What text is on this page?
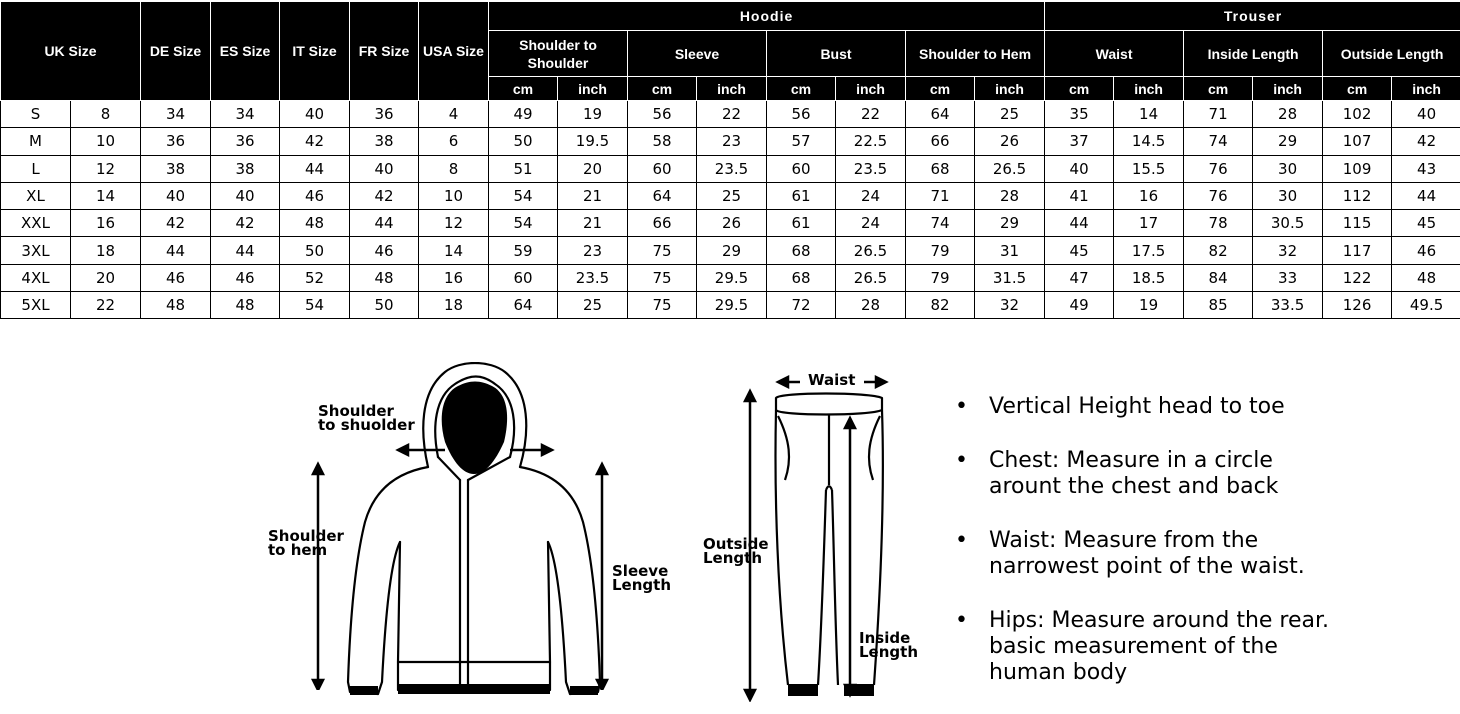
UK Size		DE Size	ES Size	IT Size	FR Size	USA Size	Hoodie								Trouser					
							Shoulder to Shoulder		Sleeve		Bust		Shoulder to Hem		Waist		Inside Length		Outside Length	
							cm	inch	cm	inch	cm	inch	cm	inch	cm	inch	cm	inch	cm	inch
S	8	34	34	40	36	4	49	19	56	22	56	22	64	25	35	14	71	28	102	40
M	10	36	36	42	38	6	50	19.5	58	23	57	22.5	66	26	37	14.5	74	29	107	42
L	12	38	38	44	40	8	51	20	60	23.5	60	23.5	68	26.5	40	15.5	76	30	109	43
XL	14	40	40	46	42	10	54	21	64	25	61	24	71	28	41	16	76	30	112	44
XXL	16	42	42	48	44	12	54	21	66	26	61	24	74	29	44	17	78	30.5	115	45
3XL	18	44	44	50	46	14	59	23	75	29	68	26.5	79	31	45	17.5	82	32	117	46
4XL	20	46	46	52	48	16	60	23.5	75	29.5	68	26.5	79	31.5	47	18.5	84	33	122	48
5XL	22	48	48	54	50	18	64	25	75	29.5	72	28	82	32	49	19	85	33.5	126	49.5
Shoulder
to shuolder
Shoulder
to hem
Sleeve
Length
Waist
Outside
Length
Inside
Length
• Vertical Height head to toe
• Chest: Measure in a circle
arount the chest and back
• Waist: Measure from the
narrowest point of the waist.
• Hips: Measure around the rear.
basic measurement of the
human body
